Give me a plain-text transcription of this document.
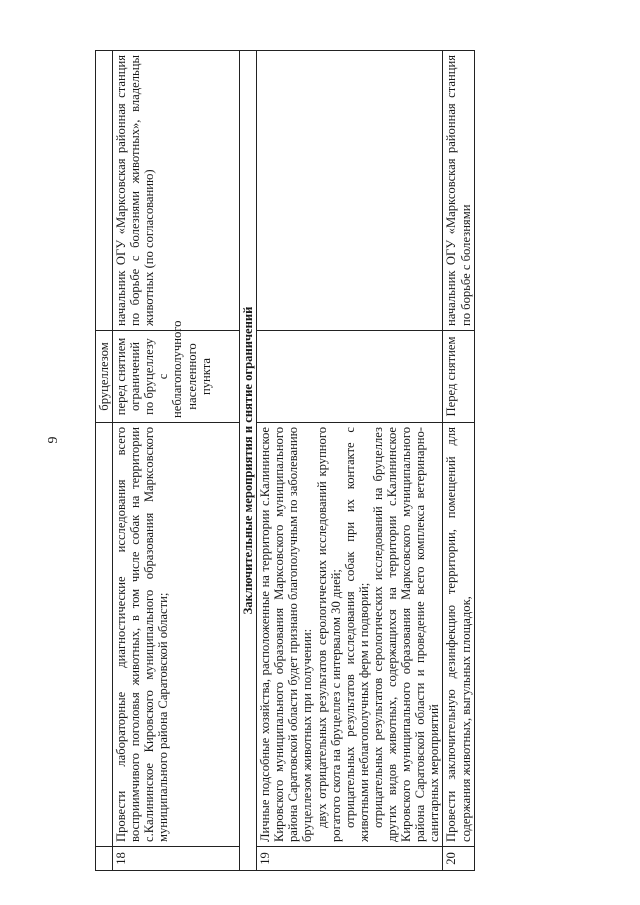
9
		бруцеллезом	
18	Провести лабораторные диагностические исследования всего восприимчивого поголовья животных, в том числе собак на территории с.Калининское Кировского муниципального образования Марксовского муниципального района Саратовской области;	перед снятием ограничений по бруцеллезу с неблагополучного населенного пункта	начальник ОГУ «Марксовская районная станция по борьбе с болезнями животных», владельцы животных (по согласованию)
Заключительные мероприятия и снятие ограничений			
19	Личные подсобные хозяйства, расположенные на территории с.Калининское Кировского муниципального образования Марксовского муниципального района Саратовской области будет признано благополучным по заболеванию бруцеллезом животных при получении: двух отрицательных результатов серологических исследований крупного рогатого скота на бруцеллез с интервалом 30 дней; отрицательных результатов исследования собак при их контакте с животными неблагополучных ферм и подворий; отрицательных результатов серологических исследований на бруцеллез других видов животных, содержащихся на территории с.Калининское Кировского муниципального образования Марксовского муниципального района Саратовской области и проведение всего комплекса ветеринарно-санитарных мероприятий		

20	Провести заключительную дезинфекцию территории, помещений для содержания животных, выгульных площадок,	Перед снятием	начальник ОГУ «Марксовская районная станция по борьбе с болезнями
